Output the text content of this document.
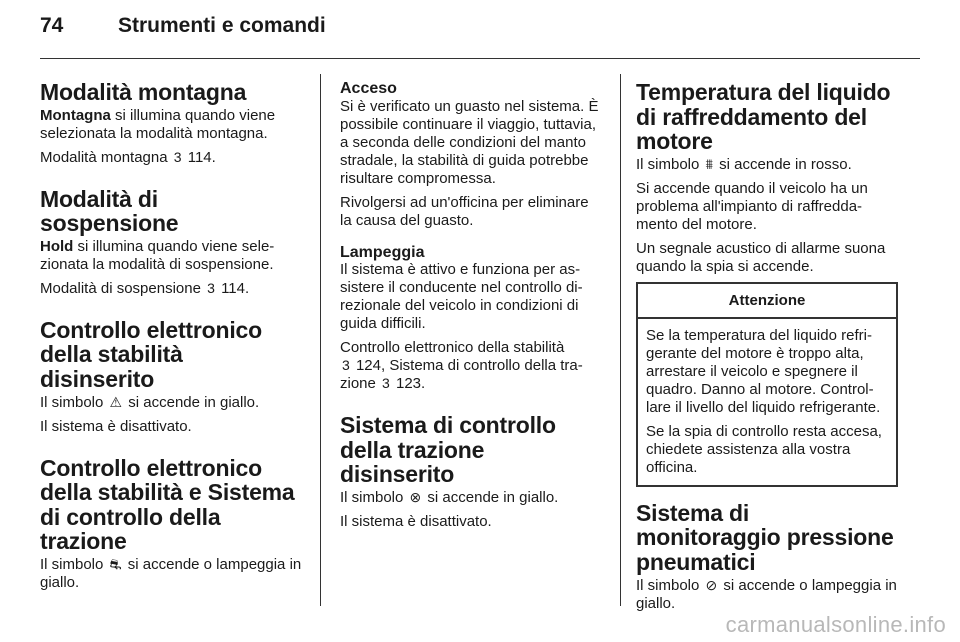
74	Strumenti e comandi
Modalità montagna

Montagna si illumina quando viene selezionata la modalità montagna.

Modalità montagna 3 114.

Modalità di sospensione

Hold si illumina quando viene selezionata la modalità di sospensione.

Modalità di sospensione 3 114.

Controllo elettronico della stabilità disinserito

Il simbolo ⚠ si accende in giallo.

Il sistema è disattivato.

Controllo elettronico della stabilità e Sistema di controllo della trazione

Il simbolo ⛐ si accende o lampeggia in giallo.

Acceso

Si è verificato un guasto nel sistema. È possibile continuare il viaggio, tuttavia, a seconda delle condizioni del manto stradale, la stabilità di guida potrebbe risultare compromessa.

Rivolgersi ad un'officina per eliminare la causa del guasto.

Lampeggia

Il sistema è attivo e funziona per assistere il conducente nel controllo direzionale del veicolo in condizioni di guida difficili.

Controllo elettronico della stabilità
3 124, Sistema di controllo della trazione 3 123.

Sistema di controllo della trazione disinserito

Il simbolo ⊗ si accende in giallo.

Il sistema è disattivato.

Temperatura del liquido di raffreddamento del motore

Il simbolo ⩩ si accende in rosso.

Si accende quando il veicolo ha un problema all'impianto di raffreddamento del motore.

Un segnale acustico di allarme suona quando la spia si accende.

Attenzione

Se la temperatura del liquido refrigerante del motore è troppo alta, arrestare il veicolo e spegnere il quadro. Danno al motore. Controllare il livello del liquido refrigerante.

Se la spia di controllo resta accesa, chiedete assistenza alla vostra officina.

Sistema di monitoraggio pressione pneumatici

Il simbolo ⊘ si accende o lampeggia in giallo.

carmanualsonline.info
